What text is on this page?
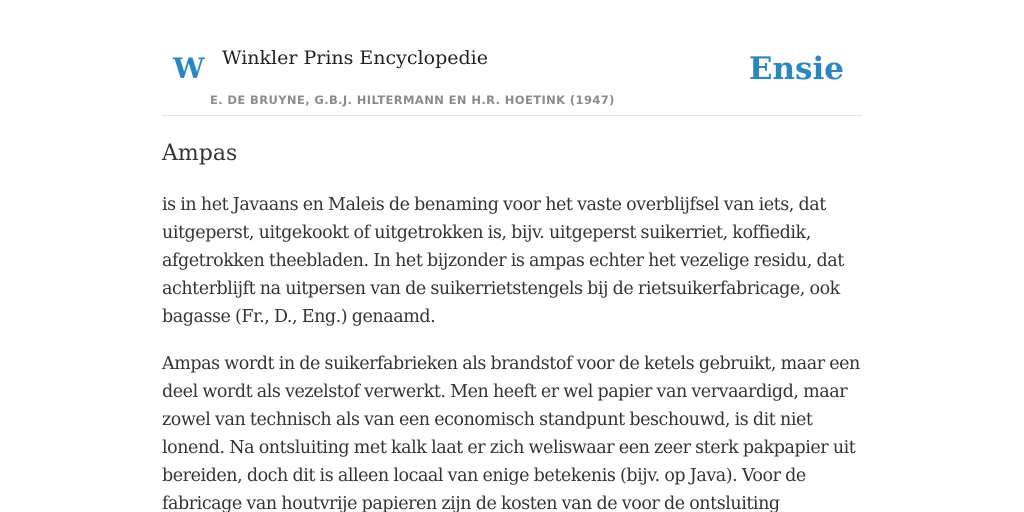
W Winkler Prins Encyclopedie
E. DE BRUYNE, G.B.J. HILTERMANN EN H.R. HOETINK (1947)
Ensie
Ampas

is in het Javaans en Maleis de benaming voor het vaste overblijfsel van iets, dat uitgeperst, uitgekookt of uitgetrokken is, bijv. uitgeperst suikerriet, koffiedik, afgetrokken theebladen. In het bijzonder is ampas echter het vezelige residu, dat achterblijft na uitpersen van de suikerrietstengels bij de rietsuikerfabricage, ook bagasse (Fr., D., Eng.) genaamd.

Ampas wordt in de suikerfabrieken als brandstof voor de ketels gebruikt, maar een deel wordt als vezelstof verwerkt. Men heeft er wel papier van vervaardigd, maar zowel van technisch als van een economisch standpunt beschouwd, is dit niet lonend. Na ontsluiting met kalk laat er zich weliswaar een zeer sterk pakpapier uit bereiden, doch dit is alleen locaal van enige betekenis (bijv. op Java). Voor de fabricage van houtvrije papieren zijn de kosten van de voor de ontsluiting
